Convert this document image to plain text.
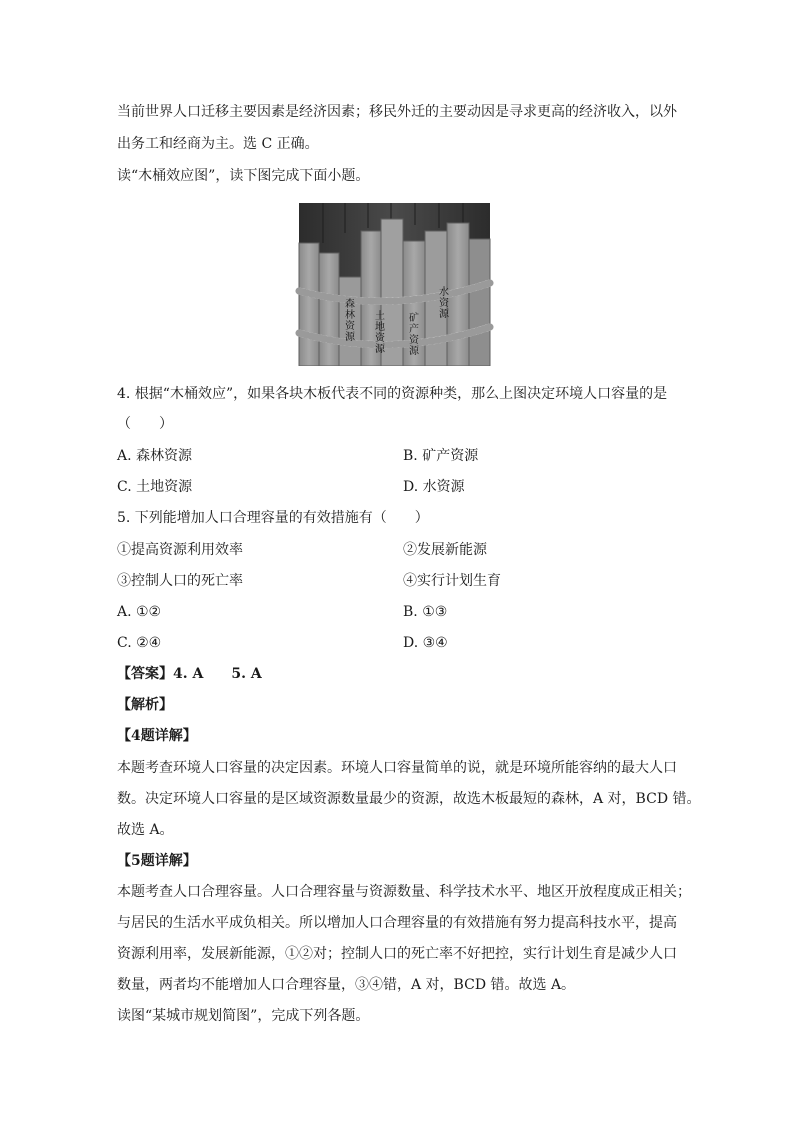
当前世界人口迁移主要因素是经济因素；移民外迁的主要动因是寻求更高的经济收入，以外
出务工和经商为主。选 C 正确。
读“木桶效应图”，读下图完成下面小题。
森林资源
土地资源
矿产资源
水资源
4. 根据“木桶效应”，如果各块木板代表不同的资源种类，那么上图决定环境人口容量的是
（　　）
A. 森林资源	B. 矿产资源
C. 土地资源	D. 水资源
5. 下列能增加人口合理容量的有效措施有（　　）
①提高资源利用效率	②发展新能源
③控制人口的死亡率	④实行计划生育
A. ①②	B. ①③
C. ②④	D. ③④
【答案】4. A　　5. A
【解析】
【4题详解】
本题考查环境人口容量的决定因素。环境人口容量简单的说，就是环境所能容纳的最大人口
数。决定环境人口容量的是区域资源数量最少的资源，故选木板最短的森林，A 对，BCD 错。
故选 A。
【5题详解】
本题考查人口合理容量。人口合理容量与资源数量、科学技术水平、地区开放程度成正相关；
与居民的生活水平成负相关。所以增加人口合理容量的有效措施有努力提高科技水平，提高
资源利用率，发展新能源，①②对；控制人口的死亡率不好把控，实行计划生育是减少人口
数量，两者均不能增加人口合理容量，③④错，A 对，BCD 错。故选 A。
读图“某城市规划简图”，完成下列各题。
